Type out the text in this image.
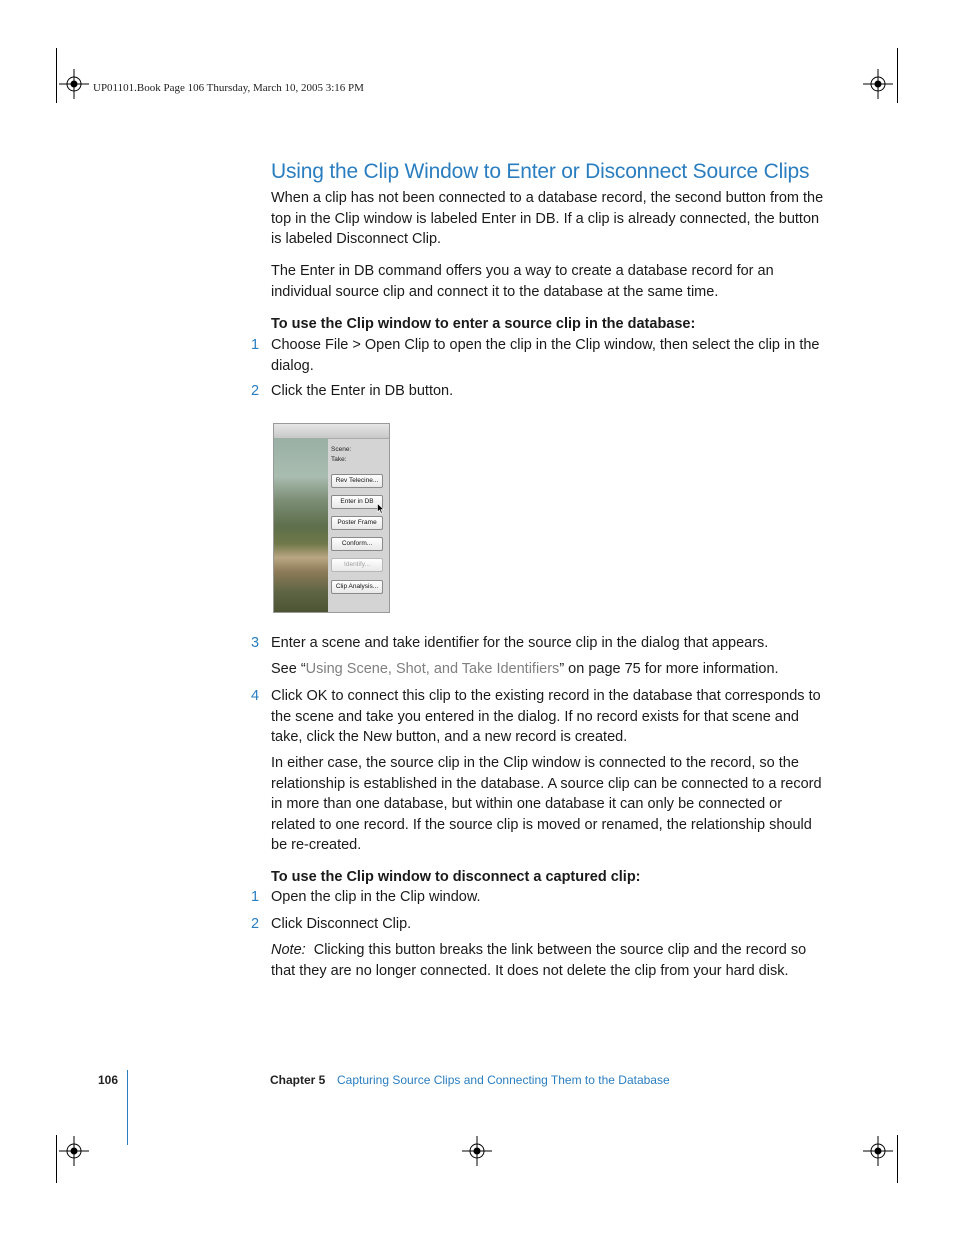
UP01101.Book Page 106 Thursday, March 10, 2005 3:16 PM
Using the Clip Window to Enter or Disconnect Source Clips
When a clip has not been connected to a database record, the second button from the top in the Clip window is labeled Enter in DB. If a clip is already connected, the button is labeled Disconnect Clip.
The Enter in DB command offers you a way to create a database record for an individual source clip and connect it to the database at the same time.
To use the Clip window to enter a source clip in the database:
1 Choose File > Open Clip to open the clip in the Clip window, then select the clip in the dialog.
2 Click the Enter in DB button.
Scene:
Take:
Rev Telecine...
Enter in DB
Poster Frame
Conform...
Identify...
Clip Analysis...
3 Enter a scene and take identifier for the source clip in the dialog that appears.
See “Using Scene, Shot, and Take Identifiers” on page 75 for more information.
4 Click OK to connect this clip to the existing record in the database that corresponds to the scene and take you entered in the dialog. If no record exists for that scene and take, click the New button, and a new record is created.
In either case, the source clip in the Clip window is connected to the record, so the relationship is established in the database. A source clip can be connected to a record in more than one database, but within one database it can only be connected or related to one record. If the source clip is moved or renamed, the relationship should be re-created.
To use the Clip window to disconnect a captured clip:
1 Open the clip in the Clip window.
2 Click Disconnect Clip.
Note: Clicking this button breaks the link between the source clip and the record so that they are no longer connected. It does not delete the clip from your hard disk.
106	Chapter 5 Capturing Source Clips and Connecting Them to the Database
